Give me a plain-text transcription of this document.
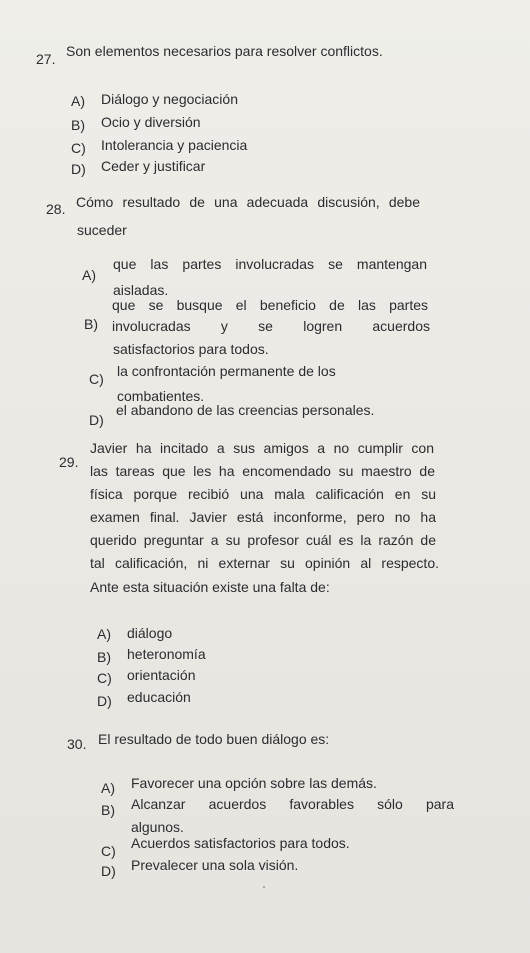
27. Son elementos necesarios para resolver conflictos.
A) Diálogo y negociación
B) Ocio y diversión
C) Intolerancia y paciencia
D) Ceder y justificar
28. Cómo resultado de una adecuada discusión, debe
suceder
A)
que las partes involucradas se mantengan
aisladas.
B)
que se busque el beneficio de las partes
involucradas y se logren acuerdos
satisfactorios para todos.
C) la confrontación permanente de los
combatientes.
D)
el abandono de las creencias personales.
29.
Javier ha incitado a sus amigos a no cumplir con
las tareas que les ha encomendado su maestro de
física porque recibió una mala calificación en su
examen final. Javier está inconforme, pero no ha
querido preguntar a su profesor cuál es la razón de
tal calificación, ni externar su opinión al respecto.
Ante esta situación existe una falta de:
A) diálogo
B) heteronomía
C) orientación
D) educación
30. El resultado de todo buen diálogo es:
A) Favorecer una opción sobre las demás.
B) Alcanzar acuerdos favorables sólo para
algunos.
C) Acuerdos satisfactorios para todos.
D) Prevalecer una sola visión.
